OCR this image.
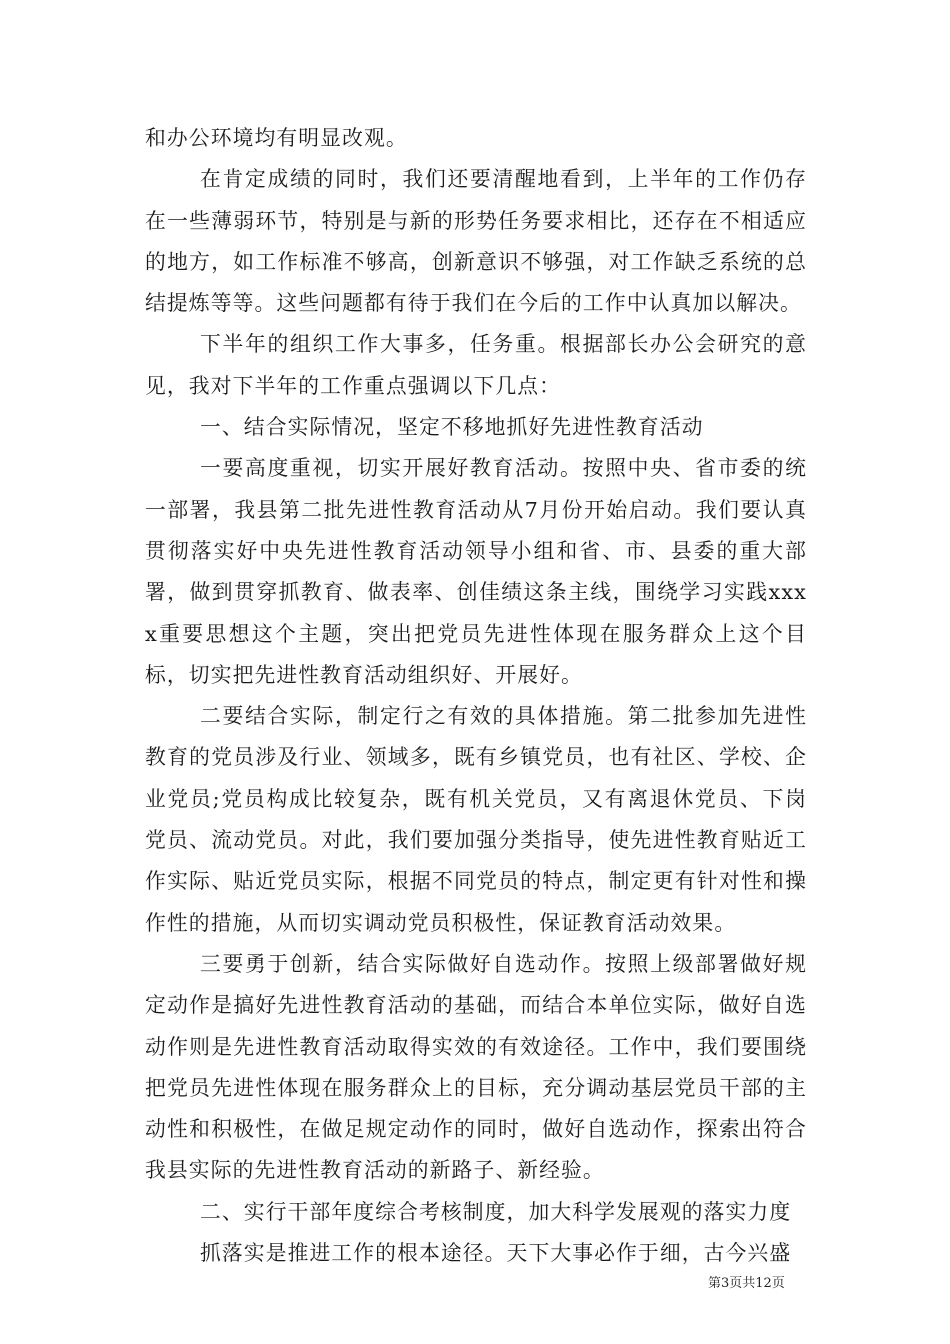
和办公环境均有明显改观。

在肯定成绩的同时，我们还要清醒地看到，上半年的工作仍存在一些薄弱环节，特别是与新的形势任务要求相比，还存在不相适应的地方，如工作标准不够高，创新意识不够强，对工作缺乏系统的总结提炼等等。这些问题都有待于我们在今后的工作中认真加以解决。

下半年的组织工作大事多，任务重。根据部长办公会研究的意见，我对下半年的工作重点强调以下几点：

一、结合实际情况，坚定不移地抓好先进性教育活动

一要高度重视，切实开展好教育活动。按照中央、省市委的统一部署，我县第二批先进性教育活动从7月份开始启动。我们要认真贯彻落实好中央先进性教育活动领导小组和省、市、县委的重大部署，做到贯穿抓教育、做表率、创佳绩这条主线，围绕学习实践xxxx重要思想这个主题，突出把党员先进性体现在服务群众上这个目标，切实把先进性教育活动组织好、开展好。

二要结合实际，制定行之有效的具体措施。第二批参加先进性教育的党员涉及行业、领域多，既有乡镇党员，也有社区、学校、企业党员;党员构成比较复杂，既有机关党员，又有离退休党员、下岗党员、流动党员。对此，我们要加强分类指导，使先进性教育贴近工作实际、贴近党员实际，根据不同党员的特点，制定更有针对性和操作性的措施，从而切实调动党员积极性，保证教育活动效果。

三要勇于创新，结合实际做好自选动作。按照上级部署做好规定动作是搞好先进性教育活动的基础，而结合本单位实际，做好自选动作则是先进性教育活动取得实效的有效途径。工作中，我们要围绕把党员先进性体现在服务群众上的目标，充分调动基层党员干部的主动性和积极性，在做足规定动作的同时，做好自选动作，探索出符合我县实际的先进性教育活动的新路子、新经验。

二、实行干部年度综合考核制度，加大科学发展观的落实力度

抓落实是推进工作的根本途径。天下大事必作于细，古今兴盛

第3页共12页
